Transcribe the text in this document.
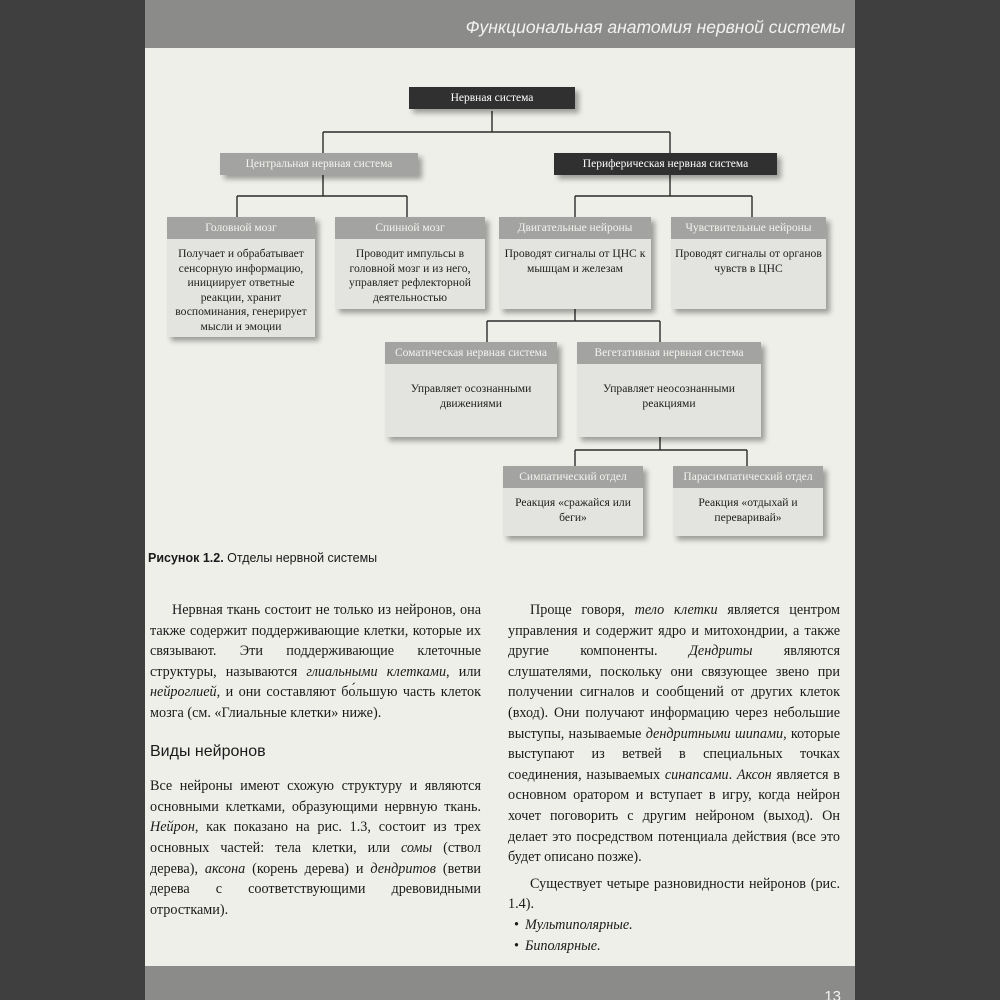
Функциональная анатомия нервной системы
Нервная система
Центральная нервная система	Периферическая нервная система
Головной мозг
Получает и обрабатывает сенсорную информацию, инициирует ответные реакции, хранит воспоминания, генерирует мысли и эмоции
Спинной мозг
Проводит импульсы в головной мозг и из него, управляет рефлекторной деятельностью
Двигательные нейроны
Проводят сигналы от ЦНС к мышцам и железам
Чувствительные нейроны
Проводят сигналы от органов чувств в ЦНС
Соматическая нервная система
Управляет осознанными движениями
Вегетативная нервная система
Управляет неосознанными реакциями
Симпатический отдел
Реакция «сражайся или беги»
Парасимпатический отдел
Реакция «отдыхай и переваривай»
Рисунок 1.2. Отделы нервной системы

Нервная ткань состоит не только из нейронов, она также содержит поддерживающие клетки, которые их связывают. Эти поддерживающие клеточные структуры, называются глиальными клетками, или нейроглией, и они составляют бо́льшую часть клеток мозга (см. «Глиальные клетки» ниже).

Виды нейронов

Все нейроны имеют схожую структуру и являются основными клетками, образующими нервную ткань. Нейрон, как показано на рис. 1.3, состоит из трех основных частей: тела клетки, или сомы (ствол дерева), аксона (корень дерева) и дендритов (ветви дерева с соответствующими древовидными отростками).

Проще говоря, тело клетки является центром управления и содержит ядро и митохондрии, а также другие компоненты. Дендриты являются слушателями, поскольку они связующее звено при получении сигналов и сообщений от других клеток (вход). Они получают информацию через небольшие выступы, называемые дендритными шипами, которые выступают из ветвей в специальных точках соединения, называемых синапсами. Аксон является в основном оратором и вступает в игру, когда нейрон хочет поговорить с другим нейроном (выход). Он делает это посредством потенциала действия (все это будет описано позже).

Существует четыре разновидности нейронов (рис. 1.4).

• Мультиполярные.
• Биполярные.
13
